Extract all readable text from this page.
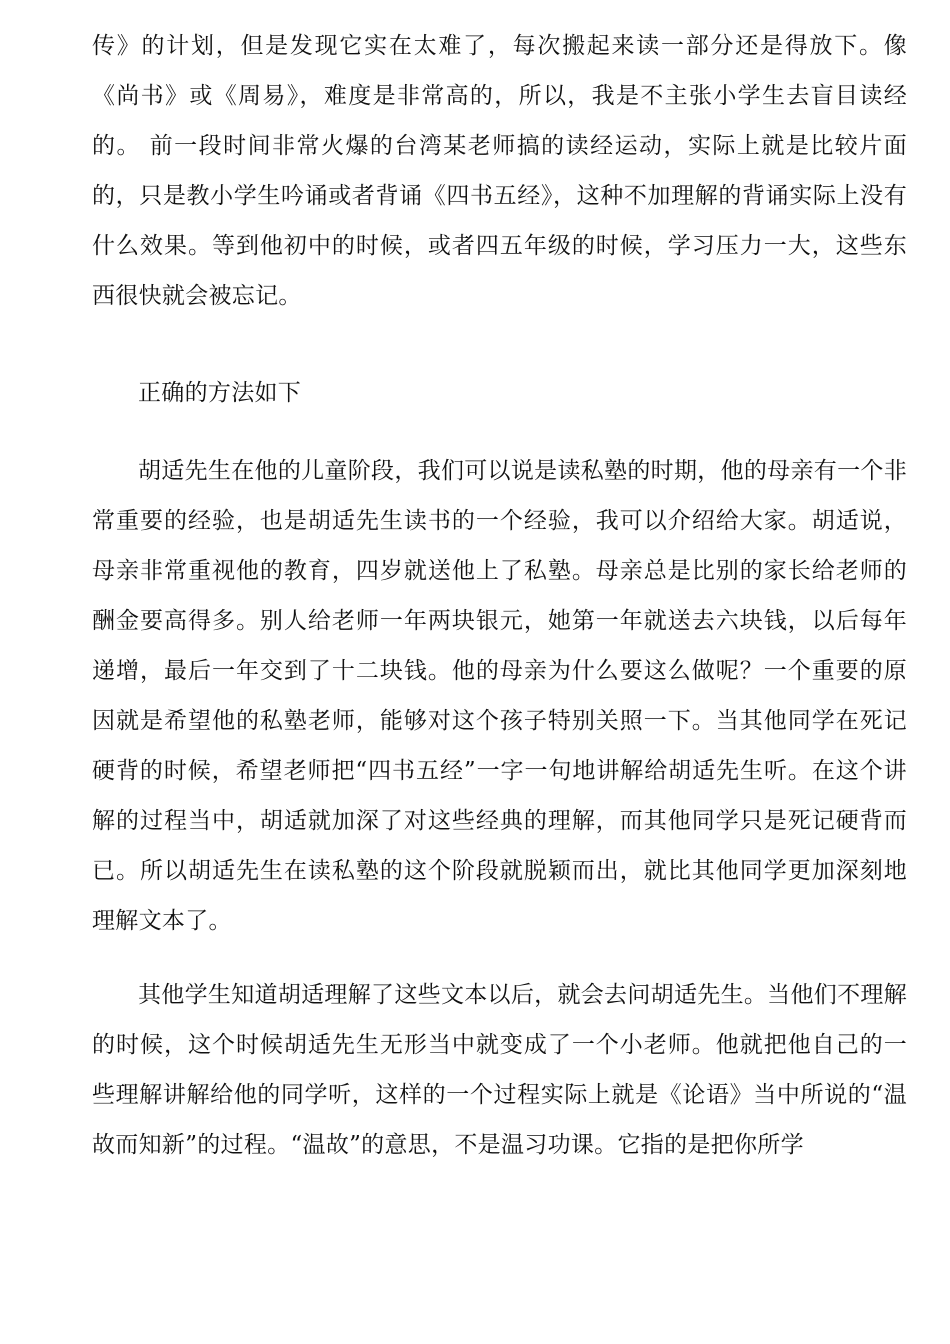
传》的计划，但是发现它实在太难了，每次搬起来读一部分还是得放下。像《尚书》或《周易》，难度是非常高的，所以，我是不主张小学生去盲目读经的。 前一段时间非常火爆的台湾某老师搞的读经运动，实际上就是比较片面的，只是教小学生吟诵或者背诵《四书五经》，这种不加理解的背诵实际上没有什么效果。等到他初中的时候，或者四五年级的时候，学习压力一大，这些东西很快就会被忘记。

正确的方法如下

胡适先生在他的儿童阶段，我们可以说是读私塾的时期，他的母亲有一个非常重要的经验，也是胡适先生读书的一个经验，我可以介绍给大家。胡适说，母亲非常重视他的教育，四岁就送他上了私塾。母亲总是比别的家长给老师的酬金要高得多。别人给老师一年两块银元，她第一年就送去六块钱，以后每年递增，最后一年交到了十二块钱。他的母亲为什么要这么做呢？一个重要的原因就是希望他的私塾老师，能够对这个孩子特别关照一下。当其他同学在死记硬背的时候，希望老师把“四书五经”一字一句地讲解给胡适先生听。在这个讲解的过程当中，胡适就加深了对这些经典的理解，而其他同学只是死记硬背而已。所以胡适先生在读私塾的这个阶段就脱颖而出，就比其他同学更加深刻地理解文本了。

其他学生知道胡适理解了这些文本以后，就会去问胡适先生。当他们不理解的时候，这个时候胡适先生无形当中就变成了一个小老师。他就把他自己的一些理解讲解给他的同学听，这样的一个过程实际上就是《论语》当中所说的“温故而知新”的过程。“温故”的意思，不是温习功课。它指的是把你所学
